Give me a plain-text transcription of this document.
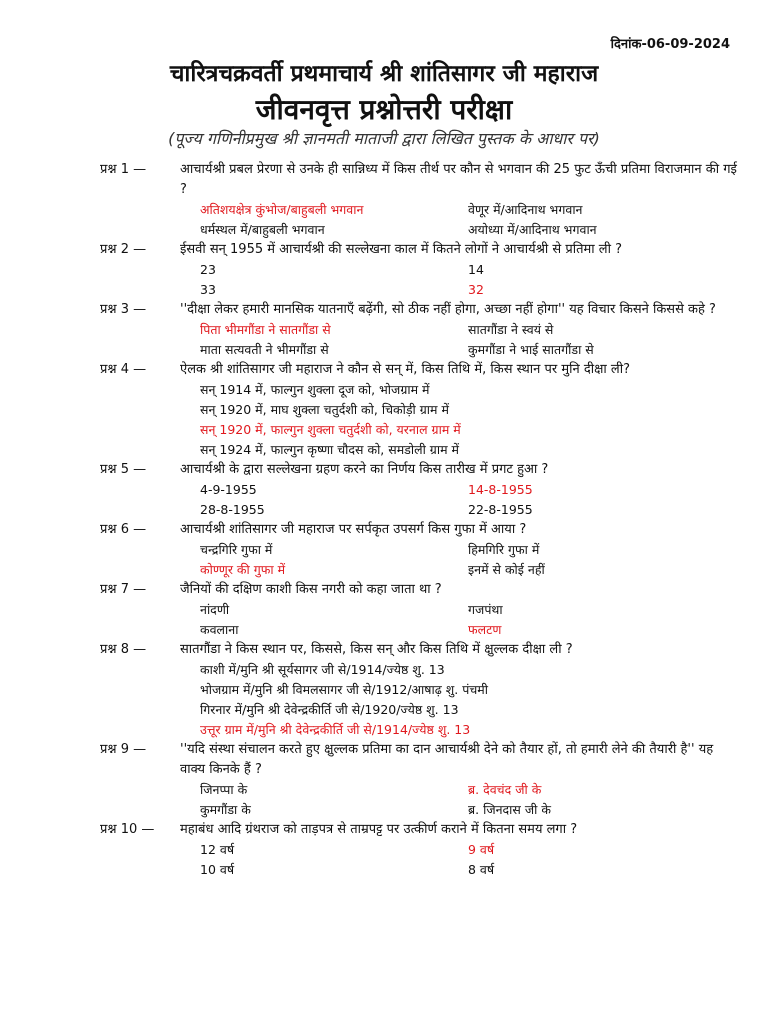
दिनांक-06-09-2024
चारित्रचक्रवर्ती प्रथमाचार्य श्री शांतिसागर जी महाराज
जीवनवृत्त प्रश्नोत्तरी परीक्षा
(पूज्य गणिनीप्रमुख श्री ज्ञानमती माताजी द्वारा लिखित पुस्तक के आधार पर)
प्रश्न 1 —	आचार्यश्री प्रबल प्रेरणा से उनके ही सान्निध्य में किस तीर्थ पर कौन से भगवान की 25 फुट ऊँची प्रतिमा विराजमान की गई ?
अतिशयक्षेत्र कुंभोज/बाहुबली भगवान	वेणूर में/आदिनाथ भगवान
धर्मस्थल में/बाहुबली भगवान	अयोध्या में/आदिनाथ भगवान
प्रश्न 2 —	ईसवी सन् 1955 में आचार्यश्री की सल्लेखना काल में कितने लोगों ने आचार्यश्री से प्रतिमा ली ?
23	14
33	32
प्रश्न 3 —	''दीक्षा लेकर हमारी मानसिक यातनाएँ बढ़ेंगी, सो ठीक नहीं होगा, अच्छा नहीं होगा'' यह विचार किसने किससे कहे ?
पिता भीमगौंडा ने सातगौंडा से	सातगौंडा ने स्वयं से
माता सत्यवती ने भीमगौंडा से	कुमगौंडा ने भाई सातगौंडा से
प्रश्न 4 —	ऐलक श्री शांतिसागर जी महाराज ने कौन से सन् में, किस तिथि में, किस स्थान पर मुनि दीक्षा ली?
सन् 1914 में, फाल्गुन शुक्ला दूज को, भोजग्राम में
सन् 1920 में, माघ शुक्ला चतुर्दशी को, चिकोड़ी ग्राम में
सन् 1920 में, फाल्गुन शुक्ला चतुर्दशी को, यरनाल ग्राम में
सन् 1924 में, फाल्गुन कृष्णा चौदस को, समडोली ग्राम में
प्रश्न 5 —	आचार्यश्री के द्वारा सल्लेखना ग्रहण करने का निर्णय किस तारीख में प्रगट हुआ ?
4-9-1955	14-8-1955
28-8-1955	22-8-1955
प्रश्न 6 —	आचार्यश्री शांतिसागर जी महाराज पर सर्पकृत उपसर्ग किस गुफा में आया ?
चन्द्रगिरि गुफा में	हिमगिरि गुफा में
कोण्णूर की गुफा में	इनमें से कोई नहीं
प्रश्न 7 —	जैनियों की दक्षिण काशी किस नगरी को कहा जाता था ?
नांदणी	गजपंथा
कवलाना	फलटण
प्रश्न 8 —	सातगौंडा ने किस स्थान पर, किससे, किस सन् और किस तिथि में क्षुल्लक दीक्षा ली ?
काशी में/मुनि श्री सूर्यसागर जी से/1914/ज्येष्ठ शु. 13
भोजग्राम में/मुनि श्री विमलसागर जी से/1912/आषाढ़ शु. पंचमी
गिरनार में/मुनि श्री देवेन्द्रकीर्ति जी से/1920/ज्येष्ठ शु. 13
उत्तूर ग्राम में/मुनि श्री देवेन्द्रकीर्ति जी से/1914/ज्येष्ठ शु. 13
प्रश्न 9 —	''यदि संस्था संचालन करते हुए क्षुल्लक प्रतिमा का दान आचार्यश्री देने को तैयार हों, तो हमारी लेने की तैयारी है'' यह वाक्य किनके हैं ?
जिनप्पा के	ब्र. देवचंद जी के
कुमगौंडा के	ब्र. जिनदास जी के
प्रश्न 10 —	महाबंध आदि ग्रंथराज को ताड़पत्र से ताम्रपट्ट पर उत्कीर्ण कराने में कितना समय लगा ?
12 वर्ष	9 वर्ष
10 वर्ष	8 वर्ष
